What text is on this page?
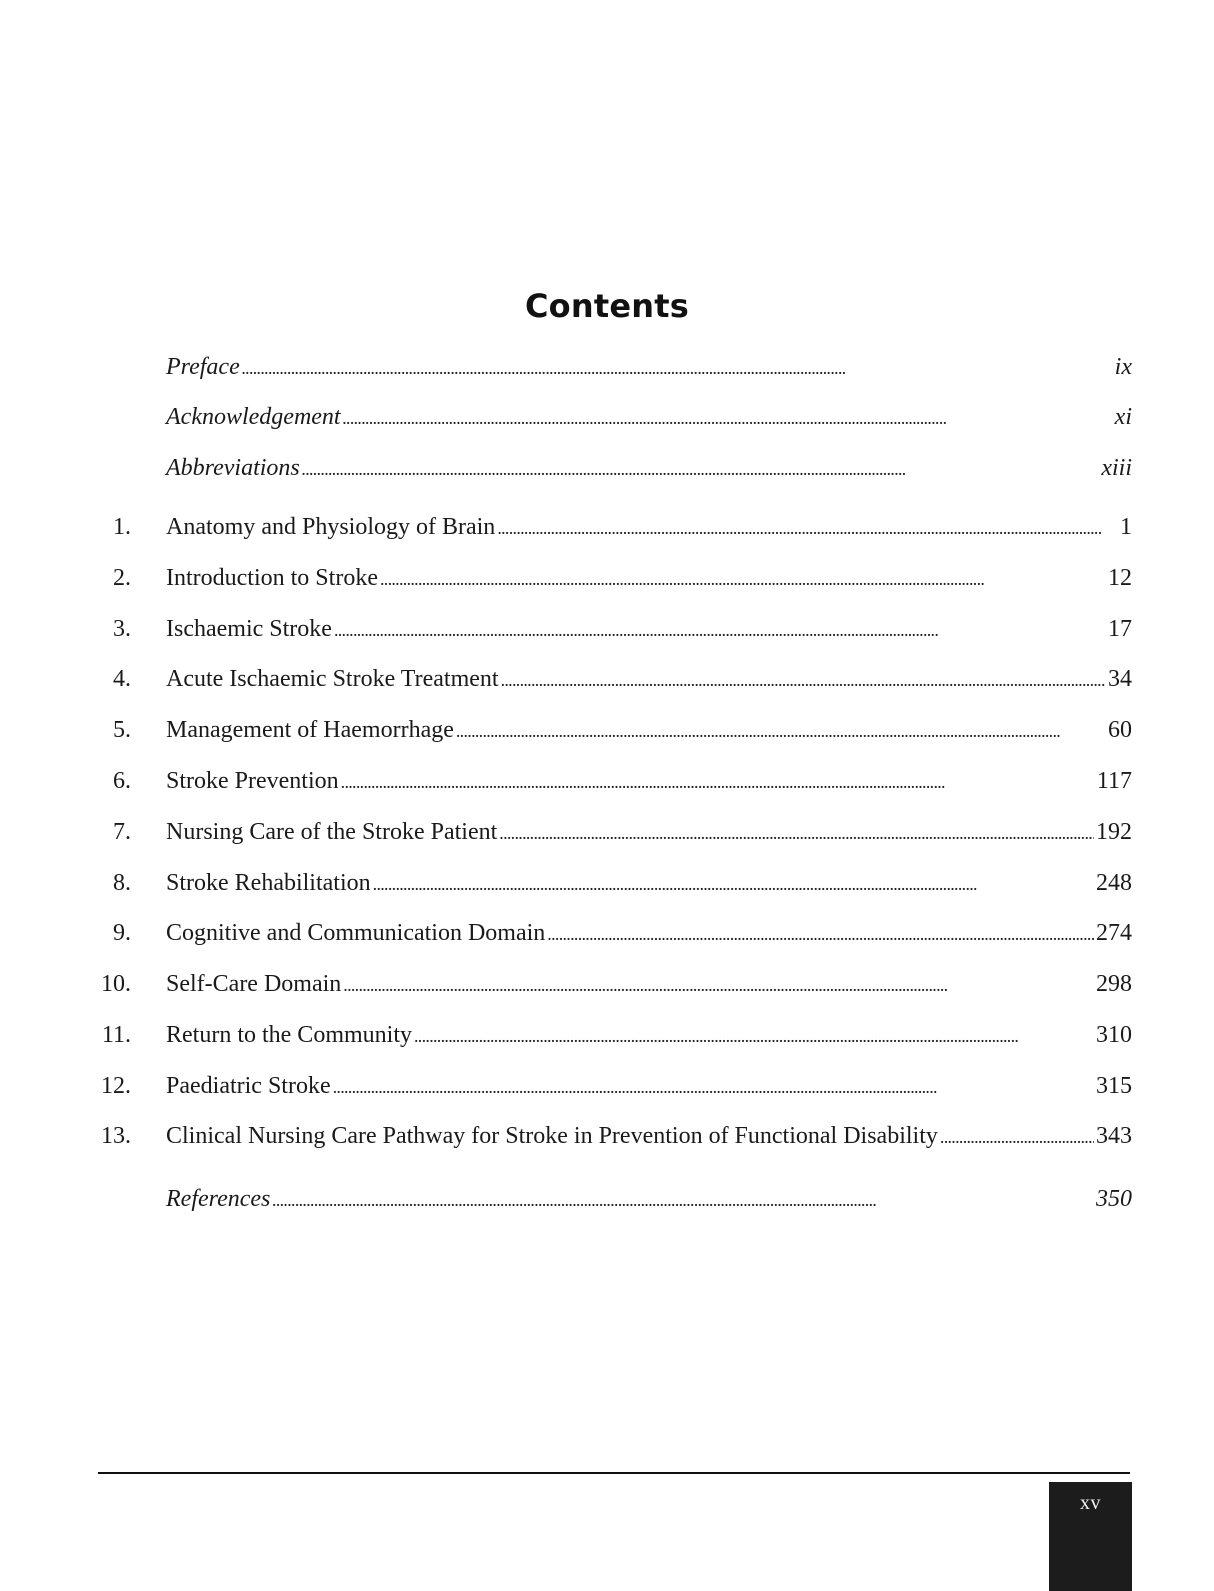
Contents
Preface . . .	ix
Acknowledgement . . .	xi
Abbreviations . . .	xiii
1.	Anatomy and Physiology of Brain . . .	1
2.	Introduction to Stroke . . .	12
3.	Ischaemic Stroke . . .	17
4.	Acute Ischaemic Stroke Treatment . . .	34
5.	Management of Haemorrhage . . .	60
6.	Stroke Prevention . . .	117
7.	Nursing Care of the Stroke Patient . . .	192
8.	Stroke Rehabilitation . . .	248
9.	Cognitive and Communication Domain . . .	274
10.	Self-Care Domain . . .	298
11.	Return to the Community . . .	310
12.	Paediatric Stroke . . .	315
13.	Clinical Nursing Care Pathway for Stroke in Prevention of Functional Disability . . .	343
References . . .	350
xv
